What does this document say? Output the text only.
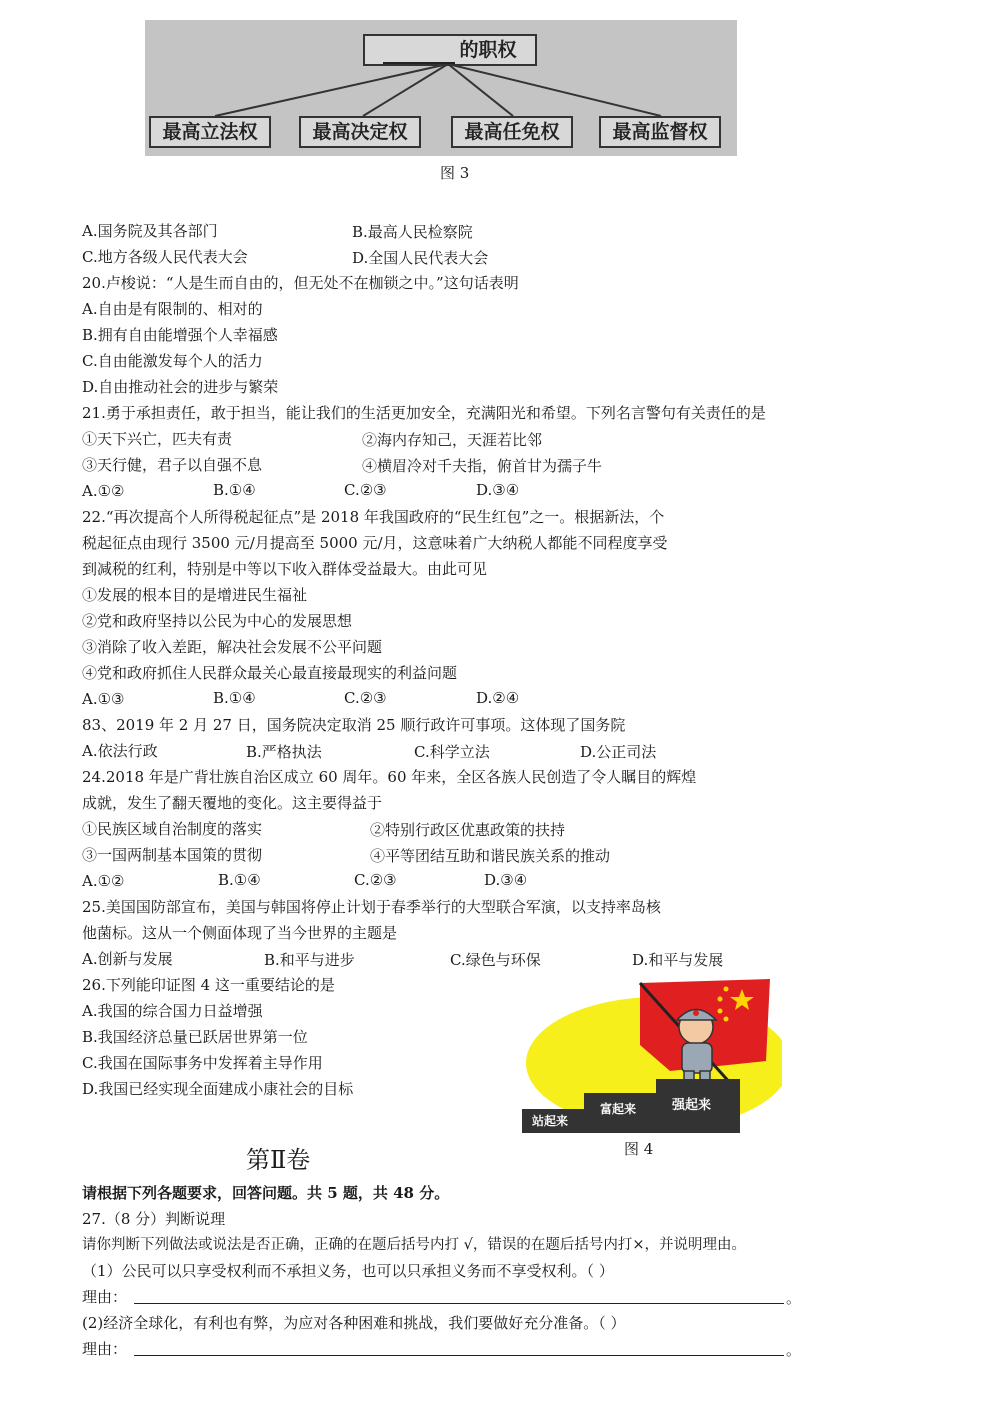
的职权
最高立法权	最高决定权	最高任免权	最高监督权
图 3
A.国务院及其各部门	B.最高人民检察院
C.地方各级人民代表大会	D.全国人民代表大会
20.卢梭说：“人是生而自由的，但无处不在枷锁之中。”这句话表明
A.自由是有限制的、相对的
B.拥有自由能增强个人幸福感
C.自由能激发每个人的活力
D.自由推动社会的进步与繁荣
21.勇于承担责任，敢于担当，能让我们的生活更加安全，充满阳光和希望。下列名言警句有关责任的是
①天下兴亡，匹夫有责	②海内存知己，天涯若比邻
③天行健，君子以自强不息	④横眉冷对千夫指，俯首甘为孺子牛
A.①②	B.①④	C.②③	D.③④
22.“再次提高个人所得税起征点”是 2018 年我国政府的“民生红包”之一。根据新法，个
税起征点由现行 3500 元/月提高至 5000 元/月，这意味着广大纳税人都能不同程度享受
到减税的红利，特别是中等以下收入群体受益最大。由此可见
①发展的根本目的是增进民生福祉
②党和政府坚持以公民为中心的发展思想
③消除了收入差距，解决社会发展不公平问题
④党和政府抓住人民群众最关心最直接最现实的利益问题
A.①③	B.①④	C.②③	D.②④
83、2019 年 2 月 27 日，国务院决定取消 25 顺行政许可事项。这体现了国务院
A.依法行政	B.严格执法	C.科学立法	D.公正司法
24.2018 年是广背壮族自治区成立 60 周年。60 年来，全区各族人民创造了令人瞩目的辉煌
成就，发生了翻天覆地的变化。这主要得益于
①民族区域自治制度的落实	②特别行政区优惠政策的扶持
③一国两制基本国策的贯彻	④平等团结互助和谐民族关系的推动
A.①②	B.①④	C.②③	D.③④
25.美国国防部宣布，美国与韩国将停止计划于春季举行的大型联合军演，以支持率岛核
他菌标。这从一个侧面体现了当今世界的主题是
A.创新与发展	B.和平与进步	C.绿色与环保	D.和平与发展
26.下列能印证图 4 这一重要结论的是
A.我国的综合国力日益增强
B.我国经济总量已跃居世界第一位
C.我国在国际事务中发挥着主导作用
D.我国已经实现全面建成小康社会的目标
站起来
富起来	强起来
图 4
第Ⅱ卷
请根据下列各题要求，回答问题。共 5 题，共 48 分。
27.（8 分）判断说理
请你判断下列做法或说法是否正确，正确的在题后括号内打 √，错误的在题后括号内打×，并说明理由。
（1）公民可以只享受权利而不承担义务，也可以只承担义务而不享受权利。（ ）
理由：	。
(2)经济全球化，有利也有弊，为应对各种困难和挑战，我们要做好充分准备。（ ）
理由：	。
